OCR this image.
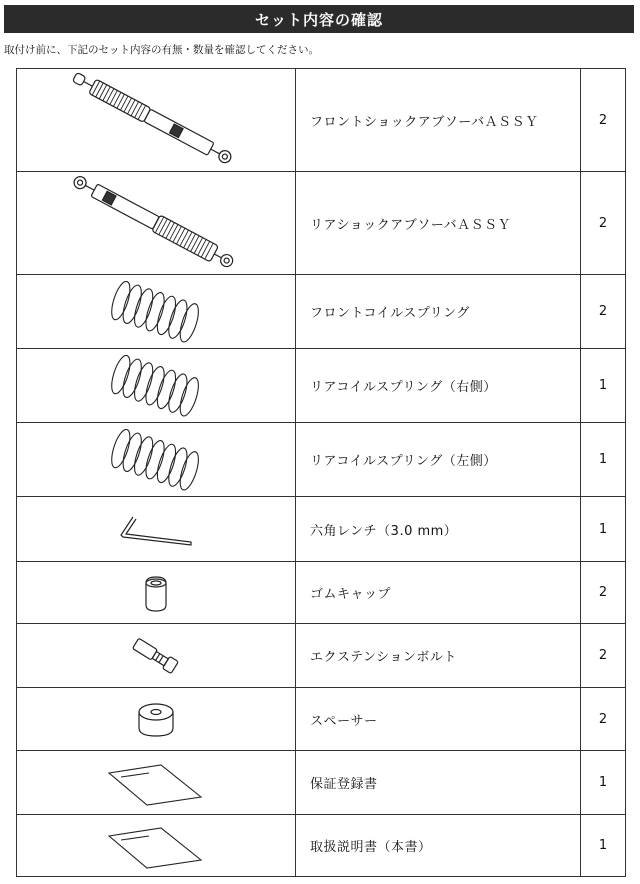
セット内容の確認
取付け前に、下記のセット内容の有無・数量を確認してください。
	フロントショックアブソーバＡＳＳＹ	2

	リアショックアブソーバＡＳＳＹ	2

	フロントコイルスプリング	2

	リアコイルスプリング（右側）	1

	リアコイルスプリング（左側）	1

	六角レンチ（3.0 mm）	1

	ゴムキャップ	2

	エクステンションボルト	2

	スペーサー	2

	保証登録書	1

	取扱説明書（本書）	1
